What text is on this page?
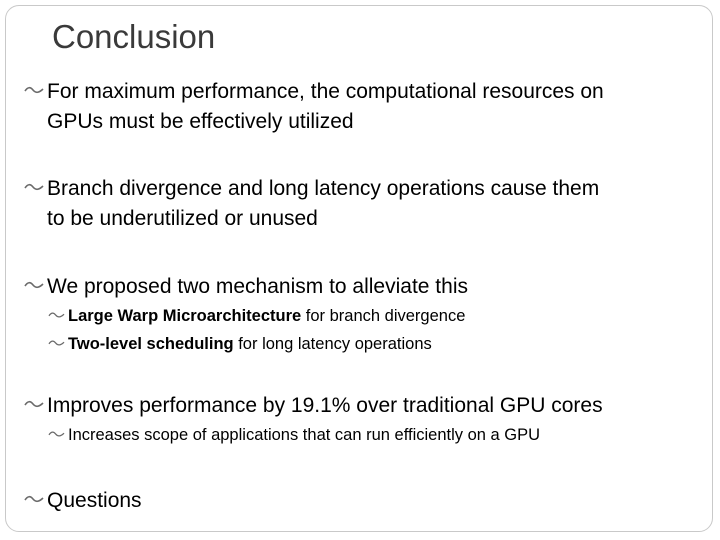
Conclusion
For maximum performance, the computational resources on
GPUs must be effectively utilized
Branch divergence and long latency operations cause them
to be underutilized or unused
We proposed two mechanism to alleviate this
Large Warp Microarchitecture for branch divergence
Two-level scheduling for long latency operations
Improves performance by 19.1% over traditional GPU cores
Increases scope of applications that can run efficiently on a GPU
Questions
